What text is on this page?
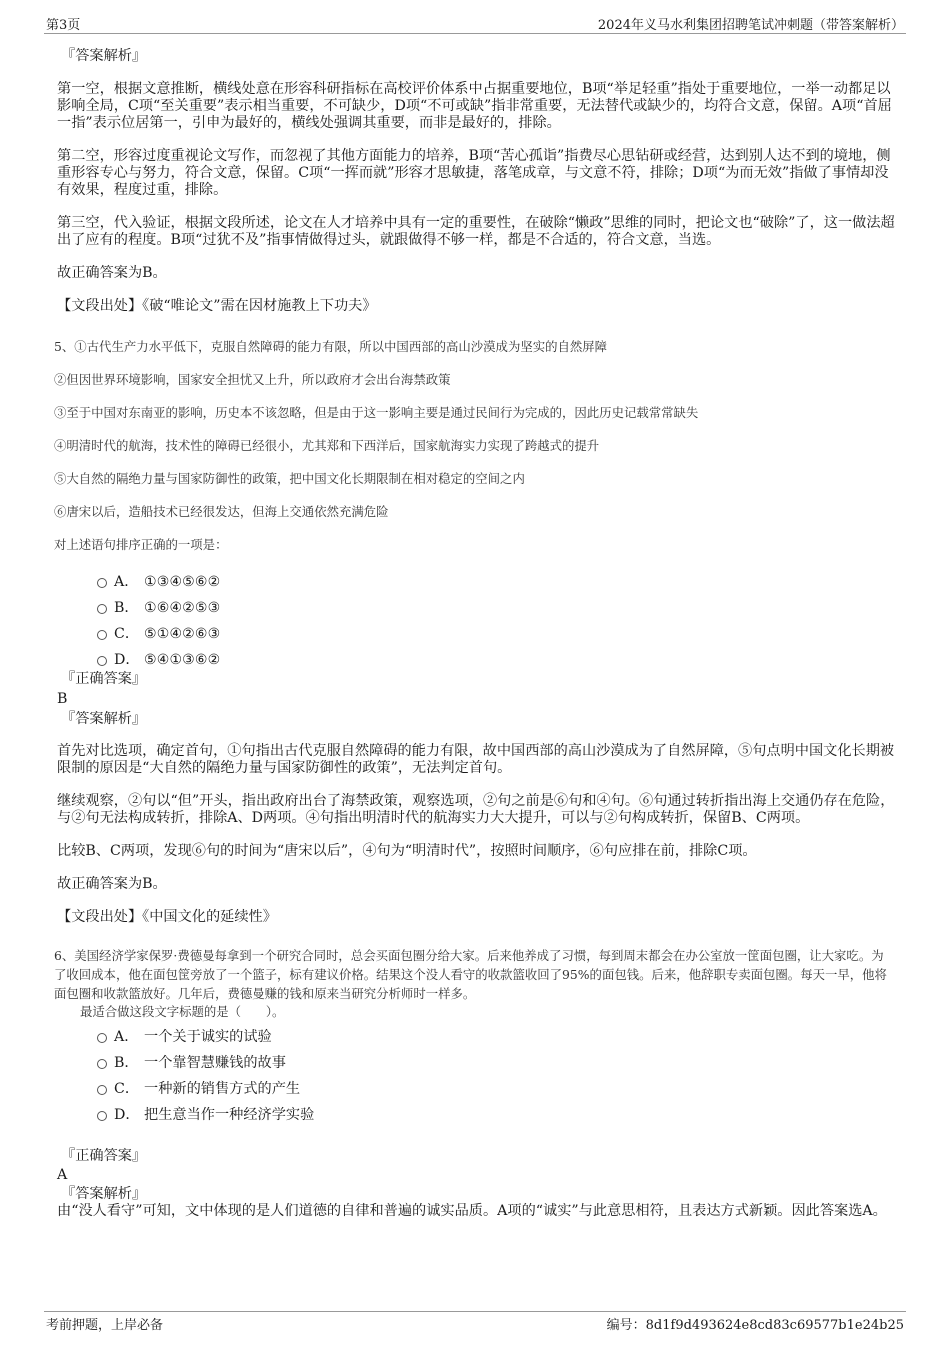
第3页	2024年义马水利集团招聘笔试冲刺题（带答案解析）

『答案解析』

第一空，根据文意推断，横线处意在形容科研指标在高校评价体系中占据重要地位，B项“举足轻重”指处于重要地位，一举一动都足以影响全局，C项“至关重要”表示相当重要，不可缺少，D项“不可或缺”指非常重要，无法替代或缺少的，均符合文意，保留。A项“首屈一指”表示位居第一，引申为最好的，横线处强调其重要，而非是最好的，排除。

第二空，形容过度重视论文写作，而忽视了其他方面能力的培养，B项“苦心孤诣”指费尽心思钻研或经营，达到别人达不到的境地，侧重形容专心与努力，符合文意，保留。C项“一挥而就”形容才思敏捷，落笔成章，与文意不符，排除；D项“为而无效”指做了事情却没有效果，程度过重，排除。

第三空，代入验证，根据文段所述，论文在人才培养中具有一定的重要性，在破除“懒政”思维的同时，把论文也“破除”了，这一做法超出了应有的程度。B项“过犹不及”指事情做得过头，就跟做得不够一样，都是不合适的，符合文意，当选。

故正确答案为B。

【文段出处】《破“唯论文”需在因材施教上下功夫》

5、①古代生产力水平低下，克服自然障碍的能力有限，所以中国西部的高山沙漠成为坚实的自然屏障

②但因世界环境影响，国家安全担忧又上升，所以政府才会出台海禁政策

③至于中国对东南亚的影响，历史本不该忽略，但是由于这一影响主要是通过民间行为完成的，因此历史记载常常缺失

④明清时代的航海，技术性的障碍已经很小，尤其郑和下西洋后，国家航海实力实现了跨越式的提升

⑤大自然的隔绝力量与国家防御性的政策，把中国文化长期限制在相对稳定的空间之内

⑥唐宋以后，造船技术已经很发达，但海上交通依然充满危险

对上述语句排序正确的一项是：

A． ①③④⑤⑥②
B． ①⑥④②⑤③
C． ⑤①④②⑥③
D． ⑤④①③⑥②

『正确答案』

B

『答案解析』

首先对比选项，确定首句，①句指出古代克服自然障碍的能力有限，故中国西部的高山沙漠成为了自然屏障，⑤句点明中国文化长期被限制的原因是“大自然的隔绝力量与国家防御性的政策”，无法判定首句。

继续观察，②句以“但”开头，指出政府出台了海禁政策，观察选项，②句之前是⑥句和④句。⑥句通过转折指出海上交通仍存在危险，与②句无法构成转折，排除A、D两项。④句指出明清时代的航海实力大大提升，可以与②句构成转折，保留B、C两项。

比较B、C两项，发现⑥句的时间为“唐宋以后”，④句为“明清时代”，按照时间顺序，⑥句应排在前，排除C项。

故正确答案为B。

【文段出处】《中国文化的延续性》

6、美国经济学家保罗·费德曼每拿到一个研究合同时，总会买面包圈分给大家。后来他养成了习惯，每到周末都会在办公室放一筐面包圈，让大家吃。为了收回成本，他在面包筐旁放了一个篮子，标有建议价格。结果这个没人看守的收款篮收回了95%的面包钱。后来，他辞职专卖面包圈。每天一早，他将面包圈和收款篮放好。几年后，费德曼赚的钱和原来当研究分析师时一样多。

最适合做这段文字标题的是（　　）。

A． 一个关于诚实的试验
B． 一个靠智慧赚钱的故事
C． 一种新的销售方式的产生
D． 把生意当作一种经济学实验

『正确答案』

A

『答案解析』

由“没人看守”可知，文中体现的是人们道德的自律和普遍的诚实品质。A项的“诚实”与此意思相符，且表达方式新颖。因此答案选A。

考前押题，上岸必备	编号：8d1f9d493624e8cd83c69577b1e24b25
